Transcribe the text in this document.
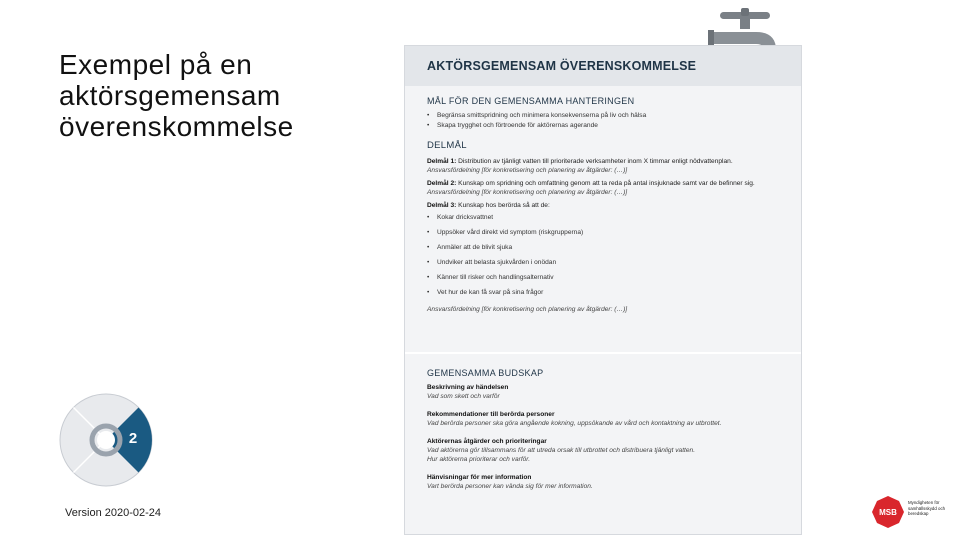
Exempel på en aktörsgemensam överenskommelse
2
Version 2020-02-24
AKTÖRSGEMENSAM ÖVERENSKOMMELSE
MÅL FÖR DEN GEMENSAMMA HANTERINGEN
• Begränsa smittspridning och minimera konsekvenserna på liv och hälsa
• Skapa trygghet och förtroende för aktörernas agerande
DELMÅL
Delmål 1: Distribution av tjänligt vatten till prioriterade verksamheter inom X timmar enligt nödvattenplan.
Ansvarsfördelning [för konkretisering och planering av åtgärder: (…)]
Delmål 2: Kunskap om spridning och omfattning genom att ta reda på antal insjuknade samt var de befinner sig.
Ansvarsfördelning [för konkretisering och planering av åtgärder: (…)]
Delmål 3: Kunskap hos berörda så att de:
• Kokar dricksvattnet
• Uppsöker vård direkt vid symptom (riskgrupperna)
• Anmäler att de blivit sjuka
• Undviker att belasta sjukvården i onödan
• Känner till risker och handlingsalternativ
• Vet hur de kan få svar på sina frågor
Ansvarsfördelning [för konkretisering och planering av åtgärder: (…)]
GEMENSAMMA BUDSKAP
Beskrivning av händelsen
Vad som skett och varför
Rekommendationer till berörda personer
Vad berörda personer ska göra angående kokning, uppsökande av vård och kontaktning av utbrottet.
Aktörernas åtgärder och prioriteringar
Vad aktörerna gör tillsammans för att utreda orsak till utbrottet och distribuera tjänligt vatten.
Hur aktörerna prioriterar och varför.
Hänvisningar för mer information
Vart berörda personer kan vända sig för mer information.
MSB
Myndigheten för samhällsskydd och beredskap
